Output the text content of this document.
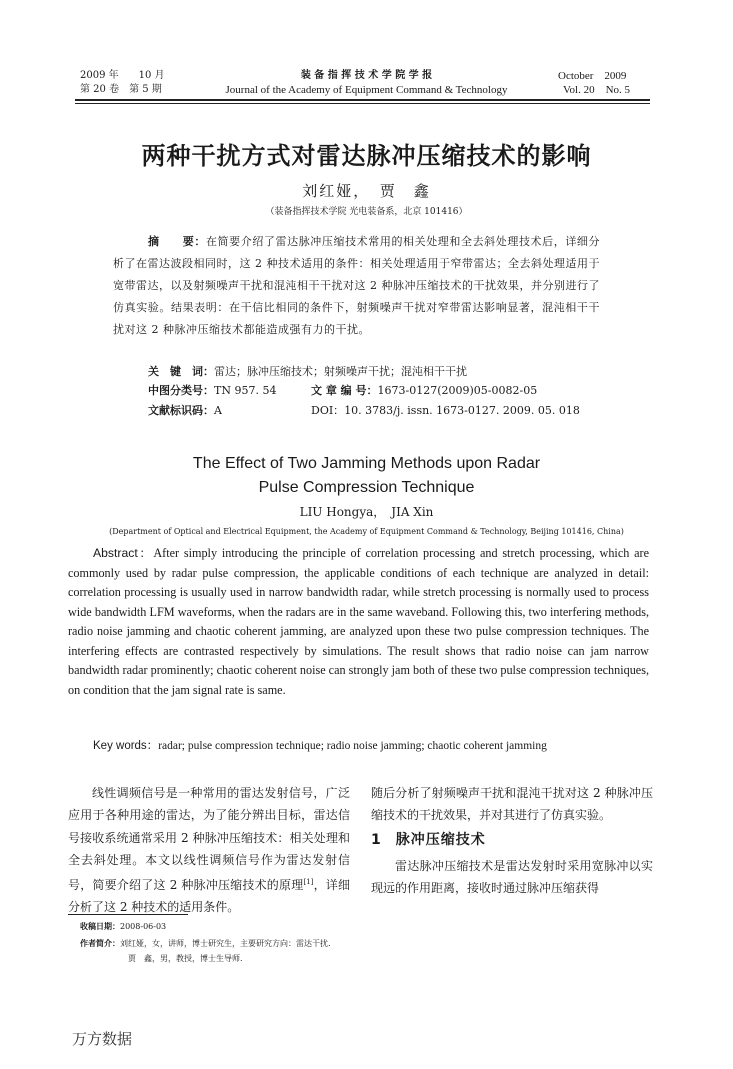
2009 年　　10 月
第 20 卷　第 5 期
装 备 指 挥 技 术 学 院 学 报
Journal of the Academy of Equipment Command & Technology
October　2009
Vol. 20　No. 5
两种干扰方式对雷达脉冲压缩技术的影响
刘红娅，　贾　鑫
（装备指挥技术学院 光电装备系，北京 101416）
摘　　要：在简要介绍了雷达脉冲压缩技术常用的相关处理和全去斜处理技术后，详细分析了在雷达波段相同时，这 2 种技术适用的条件：相关处理适用于窄带雷达；全去斜处理适用于宽带雷达，以及射频噪声干扰和混沌相干干扰对这 2 种脉冲压缩技术的干扰效果，并分别进行了仿真实验。结果表明：在干信比相同的条件下，射频噪声干扰对窄带雷达影响显著，混沌相干干扰对这 2 种脉冲压缩技术都能造成强有力的干扰。
关　键　词：雷达；脉冲压缩技术；射频噪声干扰；混沌相干干扰
中图分类号：TN 957. 54	文 章 编 号：1673-0127(2009)05-0082-05
文献标识码：A	DOI：10. 3783/j. issn. 1673-0127. 2009. 05. 018
The Effect of Two Jamming Methods upon Radar
Pulse Compression Technique
LIU Hongya，　JIA Xin
(Department of Optical and Electrical Equipment, the Academy of Equipment Command & Technology, Beijing 101416, China)
Abstract：After simply introducing the principle of correlation processing and stretch processing, which are commonly used by radar pulse compression, the applicable conditions of each technique are analyzed in detail: correlation processing is usually used in narrow bandwidth radar, while stretch processing is normally used to process wide bandwidth LFM waveforms, when the radars are in the same waveband. Following this, two interfering methods, radio noise jamming and chaotic coherent jamming, are analyzed upon these two pulse compression techniques. The interfering effects are contrasted respectively by simulations. The result shows that radio noise can jam narrow bandwidth radar prominently; chaotic coherent noise can strongly jam both of these two pulse compression techniques, on condition that the jam signal rate is same.
Key words：radar; pulse compression technique; radio noise jamming; chaotic coherent jamming

线性调频信号是一种常用的雷达发射信号，广泛应用于各种用途的雷达，为了能分辨出目标，雷达信号接收系统通常采用 2 种脉冲压缩技术：相关处理和全去斜处理。本文以线性调频信号作为雷达发射信号，简要介绍了这 2 种脉冲压缩技术的原理[1]，详细分析了这 2 种技术的适用条件。

随后分析了射频噪声干扰和混沌干扰对这 2 种脉冲压缩技术的干扰效果，并对其进行了仿真实验。

1 脉冲压缩技术

雷达脉冲压缩技术是雷达发射时采用宽脉冲以实现远的作用距离，接收时通过脉冲压缩获得

收稿日期：2008-06-03
作者简介：刘红娅，女，讲师，博士研究生，主要研究方向：雷达干扰.
贾　鑫，男，教授，博士生导师.
万方数据
